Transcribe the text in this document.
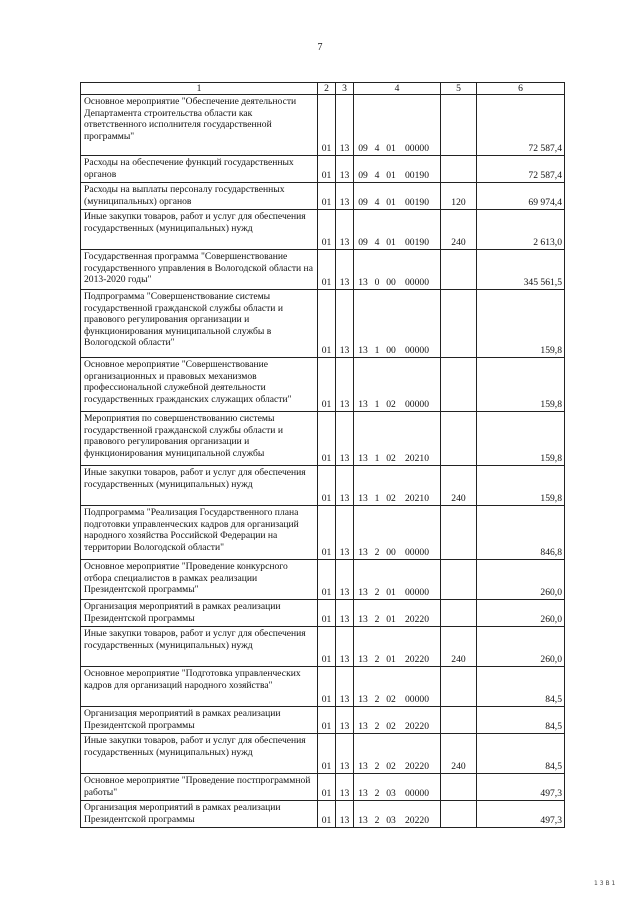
7
1	2	3	4	5	6
Основное мероприятие "Обеспечение деятельности Департамента строительства области как ответственного исполнителя государственной программы"	01	13	09 4 01 00000		72 587,4
Расходы на обеспечение функций государственных органов	01	13	09 4 01 00190		72 587,4
Расходы на выплаты персоналу государственных (муниципальных) органов	01	13	09 4 01 00190	120	69 974,4
Иные закупки товаров, работ и услуг для обеспечения государственных (муниципальных) нужд	01	13	09 4 01 00190	240	2 613,0
Государственная программа "Совершенствование государственного управления в Вологодской области на 2013-2020 годы"	01	13	13 0 00 00000		345 561,5
Подпрограмма "Совершенствование системы государственной гражданской службы области и правового регулирования организации и функционирования муниципальной службы в Вологодской области"	01	13	13 1 00 00000		159,8
Основное мероприятие "Совершенствование организационных и правовых механизмов профессиональной служебной деятельности государственных гражданских служащих области"	01	13	13 1 02 00000		159,8
Мероприятия по совершенствованию системы государственной гражданской службы области и правового регулирования организации и функционирования муниципальной службы	01	13	13 1 02 20210		159,8
Иные закупки товаров, работ и услуг для обеспечения государственных (муниципальных) нужд	01	13	13 1 02 20210	240	159,8
Подпрограмма "Реализация Государственного плана подготовки управленческих кадров для организаций народного хозяйства Российской Федерации на территории Вологодской области"	01	13	13 2 00 00000		846,8
Основное мероприятие "Проведение конкурсного отбора специалистов в рамках реализации Президентской программы"	01	13	13 2 01 00000		260,0
Организация мероприятий в рамках реализации Президентской программы	01	13	13 2 01 20220		260,0
Иные закупки товаров, работ и услуг для обеспечения государственных (муниципальных) нужд	01	13	13 2 01 20220	240	260,0
Основное мероприятие "Подготовка управленческих кадров для организаций народного хозяйства"	01	13	13 2 02 00000		84,5
Организация мероприятий в рамках реализации Президентской программы	01	13	13 2 02 20220		84,5
Иные закупки товаров, работ и услуг для обеспечения государственных (муниципальных) нужд	01	13	13 2 02 20220	240	84,5
Основное мероприятие "Проведение постпрограммной работы"	01	13	13 2 03 00000		497,3
Организация мероприятий в рамках реализации Президентской программы	01	13	13 2 03 20220		497,3
1 3 В 1
